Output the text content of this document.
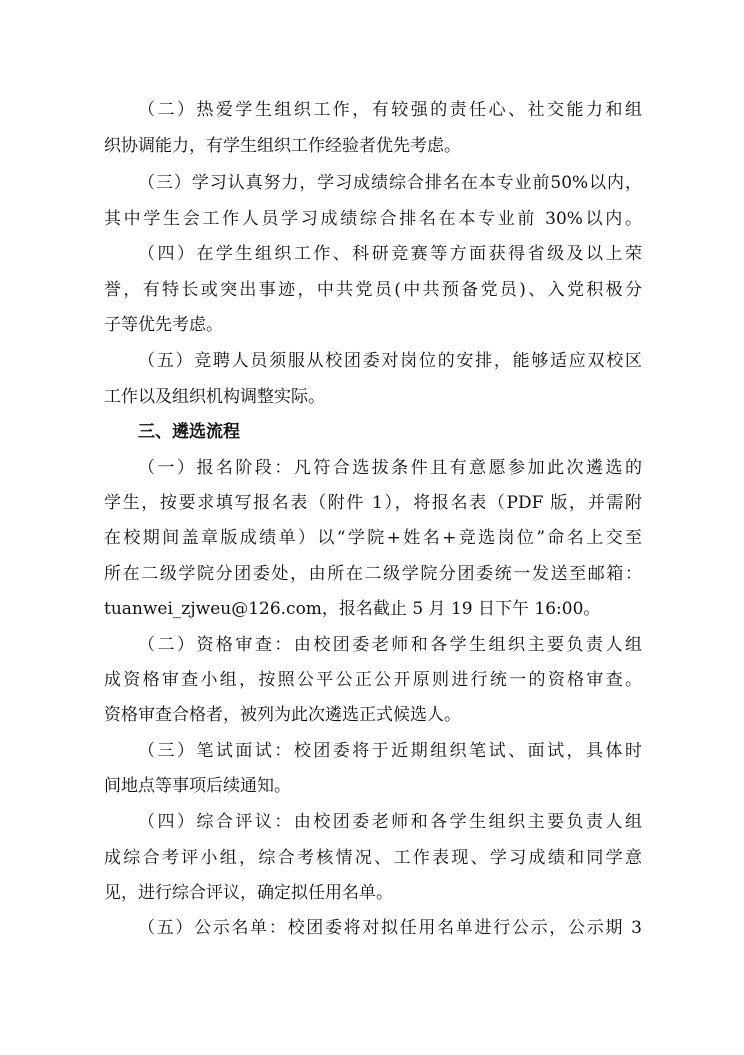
（二）热爱学生组织工作，有较强的责任心、社交能力和组
织协调能力，有学生组织工作经验者优先考虑。
（三）学习认真努力，学习成绩综合排名在本专业前50%以内，
其中学生会工作人员学习成绩综合排名在本专业前 30%以内。
（四）在学生组织工作、科研竞赛等方面获得省级及以上荣
誉，有特长或突出事迹，中共党员(中共预备党员)、入党积极分
子等优先考虑。
（五）竞聘人员须服从校团委对岗位的安排，能够适应双校区
工作以及组织机构调整实际。
三、遴选流程
（一）报名阶段：凡符合选拔条件且有意愿参加此次遴选的
学生，按要求填写报名表（附件 1），将报名表（PDF 版，并需附
在校期间盖章版成绩单）以“学院+姓名+竞选岗位”命名上交至
所在二级学院分团委处，由所在二级学院分团委统一发送至邮箱：
tuanwei_zjweu@126.com，报名截止 5 月 19 日下午 16:00。
（二）资格审查：由校团委老师和各学生组织主要负责人组
成资格审查小组，按照公平公正公开原则进行统一的资格审查。
资格审查合格者，被列为此次遴选正式候选人。
（三）笔试面试：校团委将于近期组织笔试、面试，具体时
间地点等事项后续通知。
（四）综合评议：由校团委老师和各学生组织主要负责人组
成综合考评小组，综合考核情况、工作表现、学习成绩和同学意
见，进行综合评议，确定拟任用名单。
（五）公示名单：校团委将对拟任用名单进行公示，公示期 3
